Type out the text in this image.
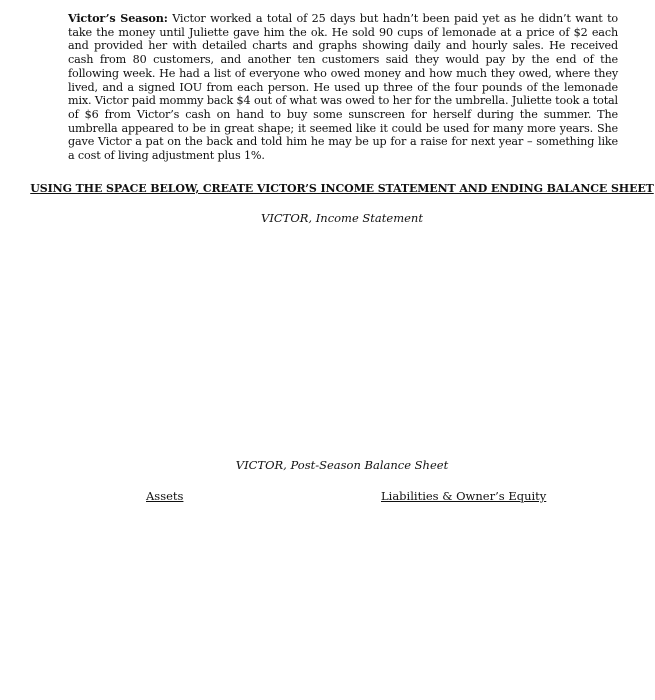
Victor’s Season: Victor worked a total of 25 days but hadn’t been paid yet as he didn’t want to take the money until Juliette gave him the ok. He sold 90 cups of lemonade at a price of $2 each and provided her with detailed charts and graphs showing daily and hourly sales. He received cash from 80 customers, and another ten customers said they would pay by the end of the following week. He had a list of everyone who owed money and how much they owed, where they lived, and a signed IOU from each person. He used up three of the four pounds of the lemonade mix. Victor paid mommy back $4 out of what was owed to her for the umbrella. Juliette took a total of $6 from Victor’s cash on hand to buy some sunscreen for herself during the summer. The umbrella appeared to be in great shape; it seemed like it could be used for many more years. She gave Victor a pat on the back and told him he may be up for a raise for next year – something like a cost of living adjustment plus 1%.
USING THE SPACE BELOW, CREATE VICTOR’S INCOME STATEMENT AND ENDING BALANCE SHEET
VICTOR, Income Statement
VICTOR, Post-Season Balance Sheet
Assets	Liabilities & Owner’s Equity
